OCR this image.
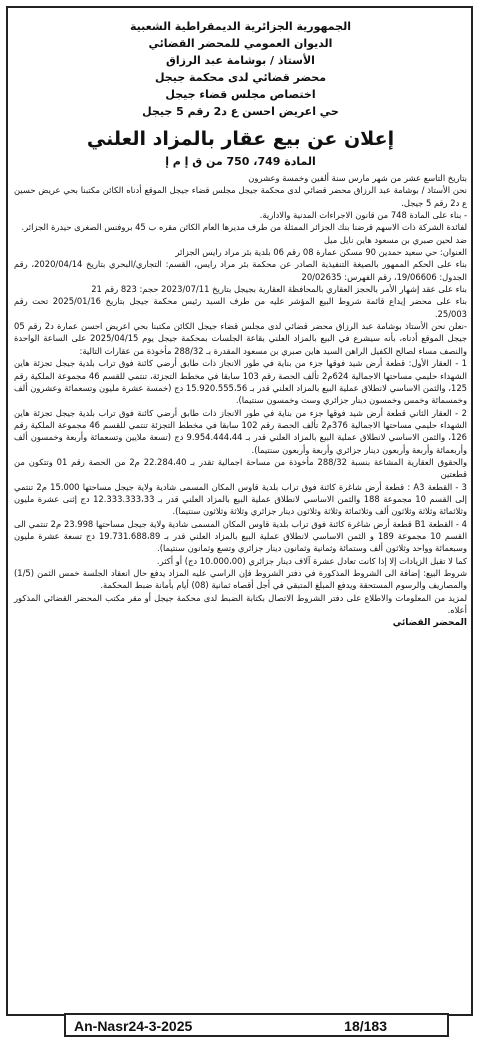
الجمهورية الجزائرية الديمقراطية الشعبية
الديوان العمومي للمحضر القضائي
الأستاذ / بوشامة عبد الرزاق
محضر قضائي لدى محكمة جيجل
اختصاص مجلس قضاء جيجل
حي اعريض احسن ع د2 رقم 5 جيجل
إعلان عن بيع عقار بالمزاد العلني
المادة 749، 750 من ق إ م إ

بتاريخ التاسع عشر من شهر مارس سنة ألفين وخمسة وعشرون

نحن الأستاذ / بوشامة عبد الرزاق محضر قضائي لدى محكمة جيجل مجلس قضاء جيجل الموقع أدناه الكائن مكتبنا بحي عريض حسين ع د2 رقم 5 جيجل.

- بناء على المادة 748 من قانون الاجراءات المدنية والادارية.

لفائدة الشركة ذات الاسهم قرضنا بنك الجزائر الممثلة من طرف مديرها العام الكائن مقره ب 45 بروفنس الصغرى حيدرة الجزائر.

ضد لحين صبري بن مسعود هاين نايل ميل

العنوان: حي سعيد حمدين 90 مسكن عمارة 08 رقم 06 بلدية بئر مراد رايس الجزائر

بناء على الحكم الممهور بالصيغة التنفيذية الصادر عن محكمة بئر مراد رايس، القسم: التجاري/البحري بتاريخ 2020/04/14، رقم الجدول: 19/06606، رقم الفهرس: 20/02635

بناء على عقد إشهار الأمر بالحجز العقاري بالمحافظة العقارية بجيجل بتاريخ 2023/07/11 حجم: 823 رقم 21

بناء على محضر إيداع قائمة شروط البيع المؤشر عليه من طرف السيد رئيس محكمة جيجل بتاريخ 2025/01/16 تحت رقم 25/003.

-نعلن نحن الأستاذ بوشامة عبد الرزاق محضر قضائي لدى مجلس قضاء جيجل الكائن مكتبنا بحي اعريض احسن عمارة د2 رقم 05 جيجل الموقع أدناه، بأنه سيشرع في البيع بالمزاد العلني بقاعة الجلسات بمحكمة جيجل يوم 2025/04/15 على الساعة الواحدة والنصف مساء لصالح الكفيل الراهن السيد هاين صبري بن مسعود المقدرة بـ 288/32 مأخوذة من عقارات التالية:

1 - العقار الأول: قطعة أرض شيد فوقها جزء من بناية في طور الانجاز ذات طابق أرضي كائنة فوق تراب بلدية جيجل تجزئة هاين الشهداء حليمي مساحتها الاجمالية 624م2 تألف الحصة رقم 103 سابقا في مخطط التجزئة، تنتمي للقسم 46 مجموعة الملكية رقم 125، والثمن الاساسي لانطلاق عملية البيع بالمزاد العلني قدر بـ 15.920.555،56 دج (خمسة عشرة مليون وتسعمائة وعشرون ألف وخمسمائة وخمس وخمسون دينار جزائري وست وخمسون سنتيما).

2 - العقار الثاني قطعة أرض شيد فوقها جزء من بناية في طور الانجاز ذات طابق أرضي كائنة فوق تراب بلدية جيجل تجزئة هاين الشهداء حليمي مساحتها الاجمالية 376م2 تألف الحصة رقم 102 سابقا في مخطط التجزئة تنتمي للقسم 46 مجموعة الملكية رقم 126، والثمن الاساسي لانطلاق عملية البيع بالمزاد العلني قدر بـ 9.954.444،44 دج (تسعة ملايين وتسعمائة وأربعة وخمسون ألف وأربعمائة وأربعة وأربعون دينار جزائري وأربعة وأربعون سنتيما).

والحقوق العقارية المشاعة بنسبة 288/32 مأخوذة من مساحة اجمالية تقدر بـ 22.284،40 م2 من الحصة رقم 01 وتتكون من قطعتين

3 - القطعة A3 : قطعة أرض شاغرة كائنة فوق تراب بلدية قاوس المكان المسمى شادية ولاية جيجل مساحتها 15.000 م2 تنتمي إلى القسم 10 مجموعة 188 والثمن الاساسي لانطلاق عملية البيع بالمزاد العلني قدر بـ 12.333.333،33 دج إثنى عشرة مليون وثلاثمائة وثلاثة وثلاثون ألف وثلاثمائة وثلاثة وثلاثون دينار جزائري وثلاثة وثلاثون سنتيما).

4 - القطعة B1 قطعة أرض شاغرة كائنة فوق تراب بلدية قاوس المكان المسمى شادية ولاية جيجل مساحتها 23.998 م2 تنتمي الى القسم 10 مجموعة 189 و الثمن الاساسي لانطلاق عملية البيع بالمزاد العلني قدر بـ 19.731.688،89 دج تسعة عشرة مليون وسبعمائة وواحد وثلاثون ألف وستمائة وثمانية وثمانون دينار جزائري وتسع وثمانون سنتيما).

كما لا تقبل الزيادات إلا إذا كانت تعادل عشرة آلاف دينار جزائري (10.000،00 دج) أو أكثر.

شروط البيع: إضافة الى الشروط المذكورة في دفتر الشروط فإن الراسي عليه المزاد يدفع حال انعقاد الجلسة خمس الثمن (1/5) والمصاريف والرسوم المستحقة ويدفع المبلغ المتبقي في أجل أقصاه ثمانية (08) أيام بأمانة ضبط المحكمة.

لمزيد من المعلومات والاطلاع على دفتر الشروط الاتصال بكتابة الضبط لدى محكمة جيجل أو مقر مكتب المحضر القضائي المذكور أعلاه.

المحضر القضائي
An-Nasr24-3-2025	18/183
